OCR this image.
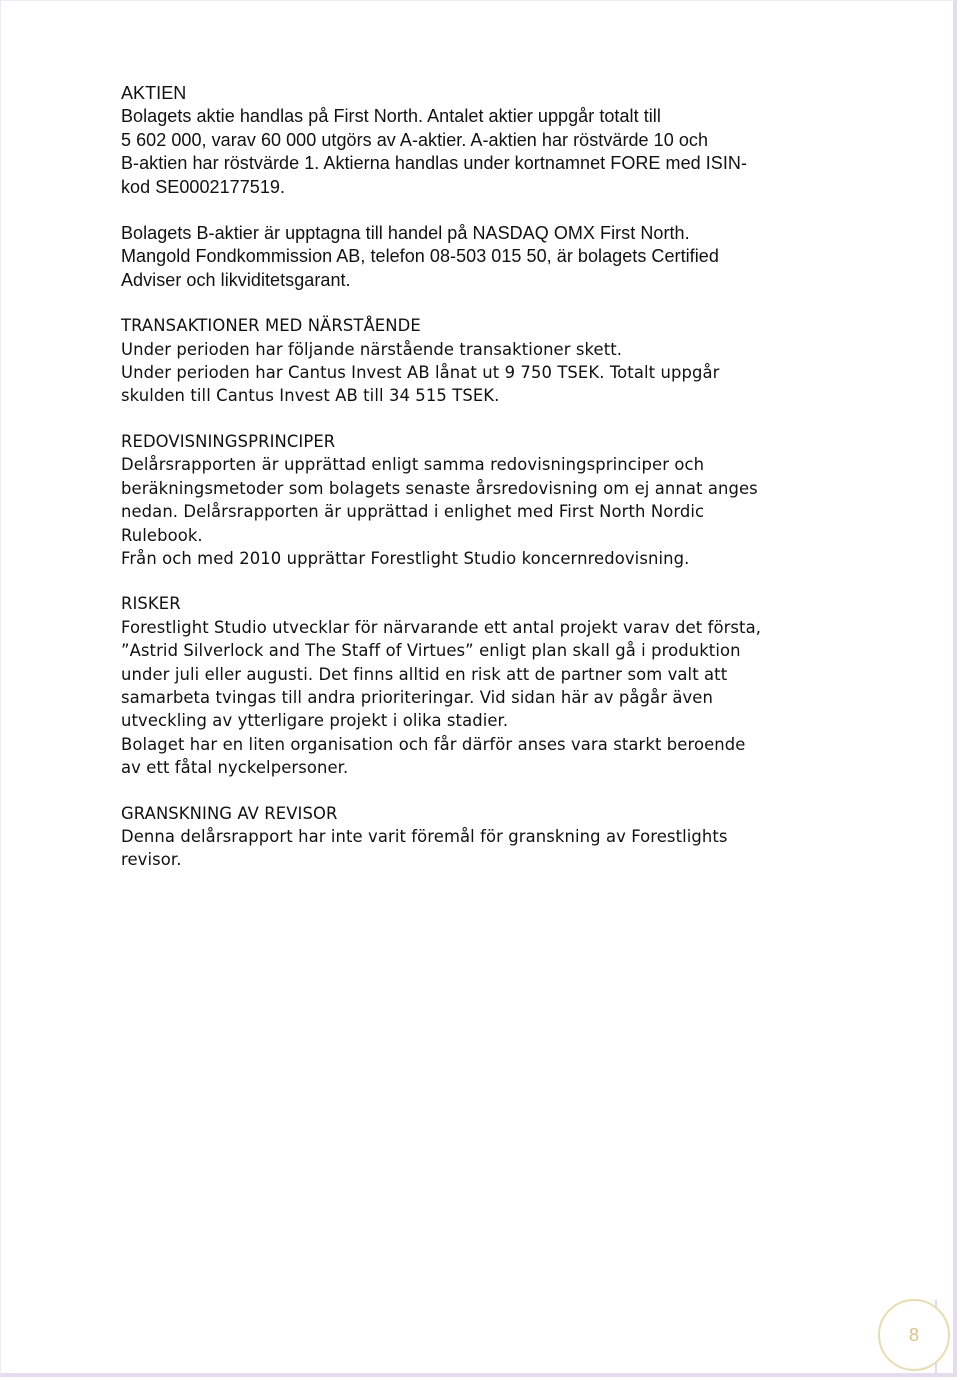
AKTIEN

Bolagets aktie handlas på First North. Antalet aktier uppgår totalt till

5 602 000, varav 60 000 utgörs av A-aktier. A-aktien har röstvärde 10 och

B-aktien har röstvärde 1. Aktierna handlas under kortnamnet FORE med ISIN-

kod SE0002177519.

Bolagets B-aktier är upptagna till handel på NASDAQ OMX First North.

Mangold Fondkommission AB, telefon 08-503 015 50, är bolagets Certified

Adviser och likviditetsgarant.

TRANSAKTIONER MED NÄRSTÅENDE

Under perioden har följande närstående transaktioner skett.

Under perioden har Cantus Invest AB lånat ut 9 750 TSEK. Totalt uppgår

skulden till Cantus Invest AB till 34 515 TSEK.

REDOVISNINGSPRINCIPER

Delårsrapporten är upprättad enligt samma redovisningsprinciper och

beräkningsmetoder som bolagets senaste årsredovisning om ej annat anges

nedan. Delårsrapporten är upprättad i enlighet med First North Nordic

Rulebook.

Från och med 2010 upprättar Forestlight Studio koncernredovisning.

RISKER

Forestlight Studio utvecklar för närvarande ett antal projekt varav det första,

”Astrid Silverlock and The Staff of Virtues” enligt plan skall gå i produktion

under juli eller augusti. Det finns alltid en risk att de partner som valt att

samarbeta tvingas till andra prioriteringar. Vid sidan här av pågår även

utveckling av ytterligare projekt i olika stadier.

Bolaget har en liten organisation och får därför anses vara starkt beroende

av ett fåtal nyckelpersoner.

GRANSKNING AV REVISOR

Denna delårsrapport har inte varit föremål för granskning av Forestlights

revisor.

8
